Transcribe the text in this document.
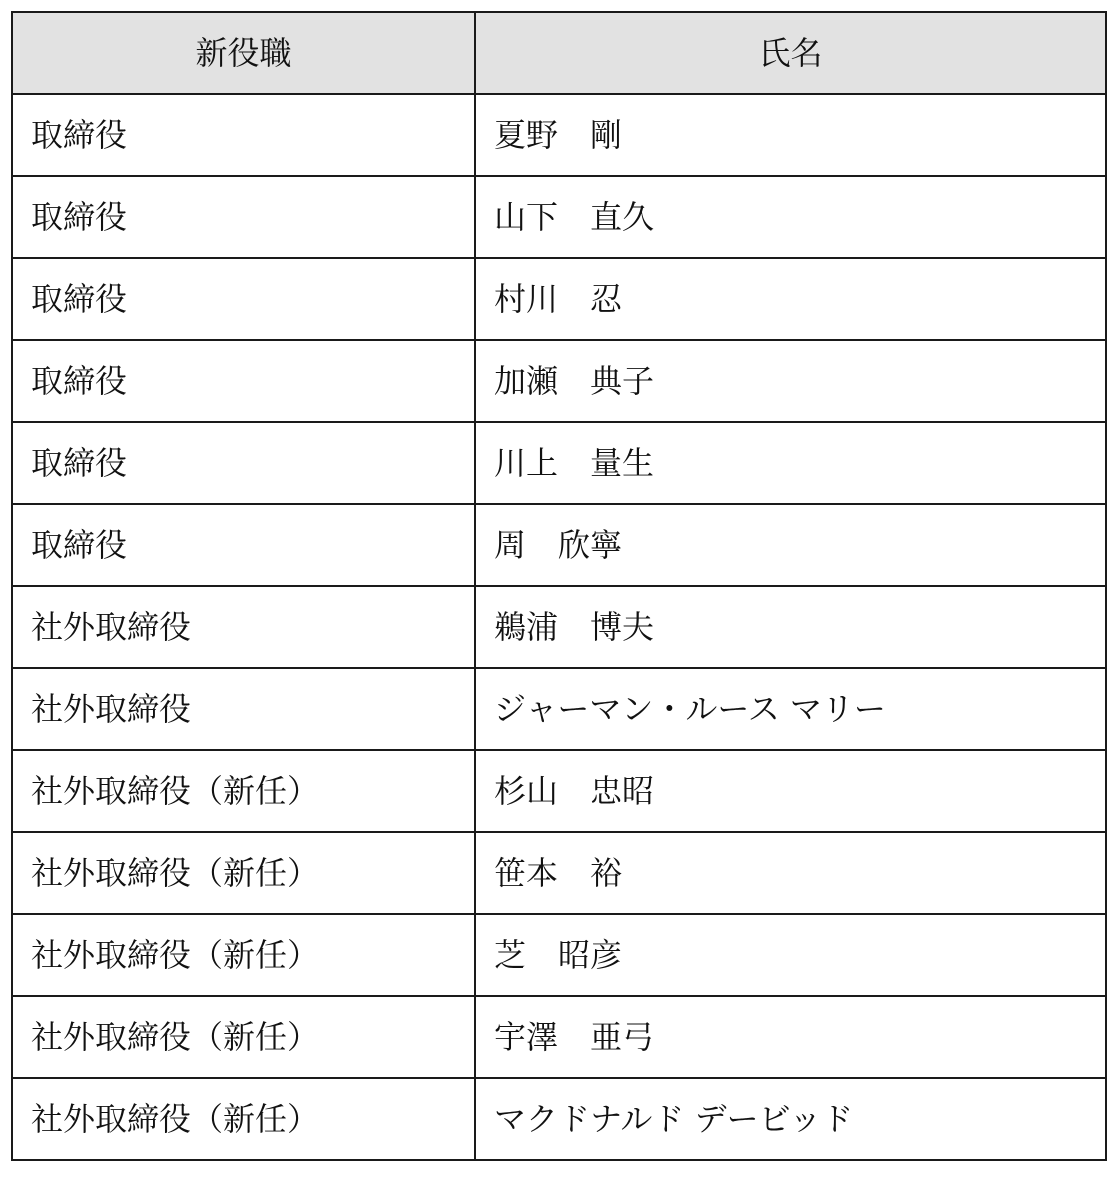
新役職	氏名
取締役	夏野　剛
取締役	山下　直久
取締役	村川　忍
取締役	加瀬　典子
取締役	川上　量生
取締役	周　欣寧
社外取締役	鵜浦　博夫
社外取締役	ジャーマン・ルース マリー
社外取締役（新任）	杉山　忠昭
社外取締役（新任）	笹本　裕
社外取締役（新任）	芝　昭彦
社外取締役（新任）	宇澤　亜弓
社外取締役（新任）	マクドナルド デービッド
